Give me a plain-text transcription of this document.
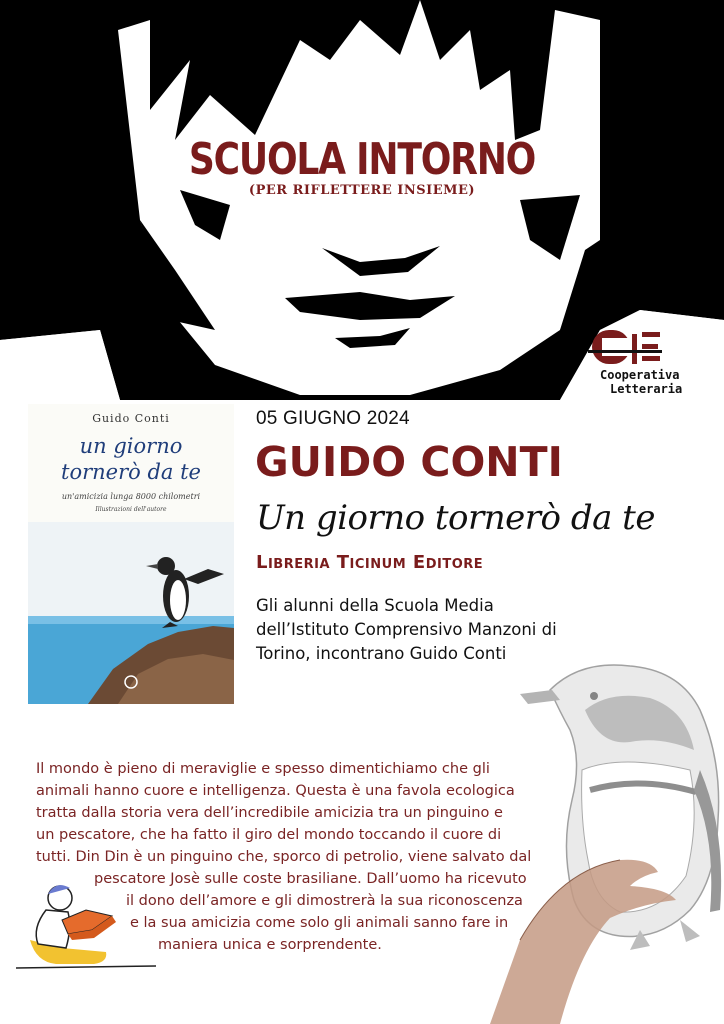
SCUOLA INTORNO
(PER RIFLETTERE INSIEME)
Cooperativa
Letteraria
Guido Conti
un giorno
tornerò da te
un'amicizia lunga 8000 chilometri
Illustrazioni dell'autore
05 GIUGNO 2024
GUIDO CONTI
Un giorno tornerò da te
Libreria Ticinum Editore
Gli alunni della Scuola Media
dell’Istituto Comprensivo Manzoni di
Torino, incontrano Guido Conti
Il mondo è pieno di meraviglie e spesso dimentichiamo che gli
animali hanno cuore e intelligenza. Questa è una favola ecologica
tratta dalla storia vera dell’incredibile amicizia tra un pinguino e
un pescatore, che ha fatto il giro del mondo toccando il cuore di
tutti. Din Din è un pinguino che, sporco di petrolio, viene salvato dal
pescatore Josè sulle coste brasiliane. Dall’uomo ha ricevuto
il dono dell’amore e gli dimostrerà la sua riconoscenza
e la sua amicizia come solo gli animali sanno fare in
maniera unica e sorprendente.
